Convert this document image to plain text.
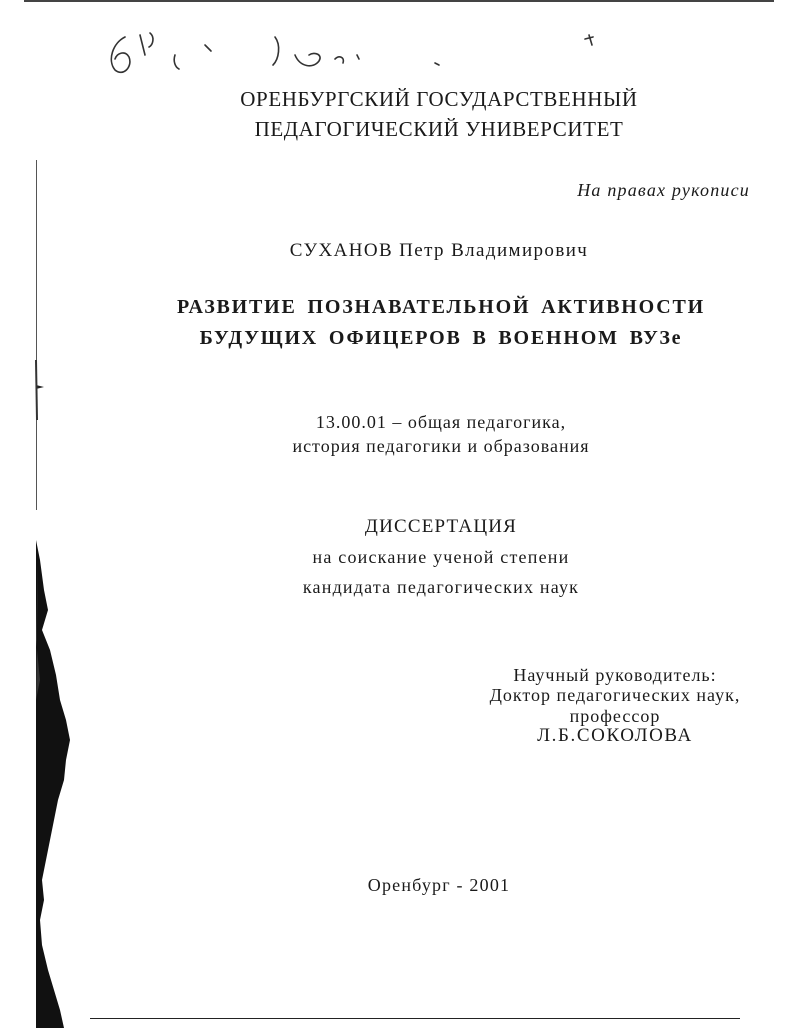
ОРЕНБУРГСКИЙ ГОСУДАРСТВЕННЫЙ
ПЕДАГОГИЧЕСКИЙ УНИВЕРСИТЕТ
На правах рукописи
СУХАНОВ Петр Владимирович
РАЗВИТИЕ ПОЗНАВАТЕЛЬНОЙ АКТИВНОСТИ
БУДУЩИХ ОФИЦЕРОВ В ВОЕННОМ ВУЗе
13.00.01 – общая педагогика,
история педагогики и образования
ДИССЕРТАЦИЯ
на соискание ученой степени
кандидата педагогических наук
Научный руководитель:
Доктор педагогических наук,
профессор
Л.Б.СОКОЛОВА
Оренбург - 2001
